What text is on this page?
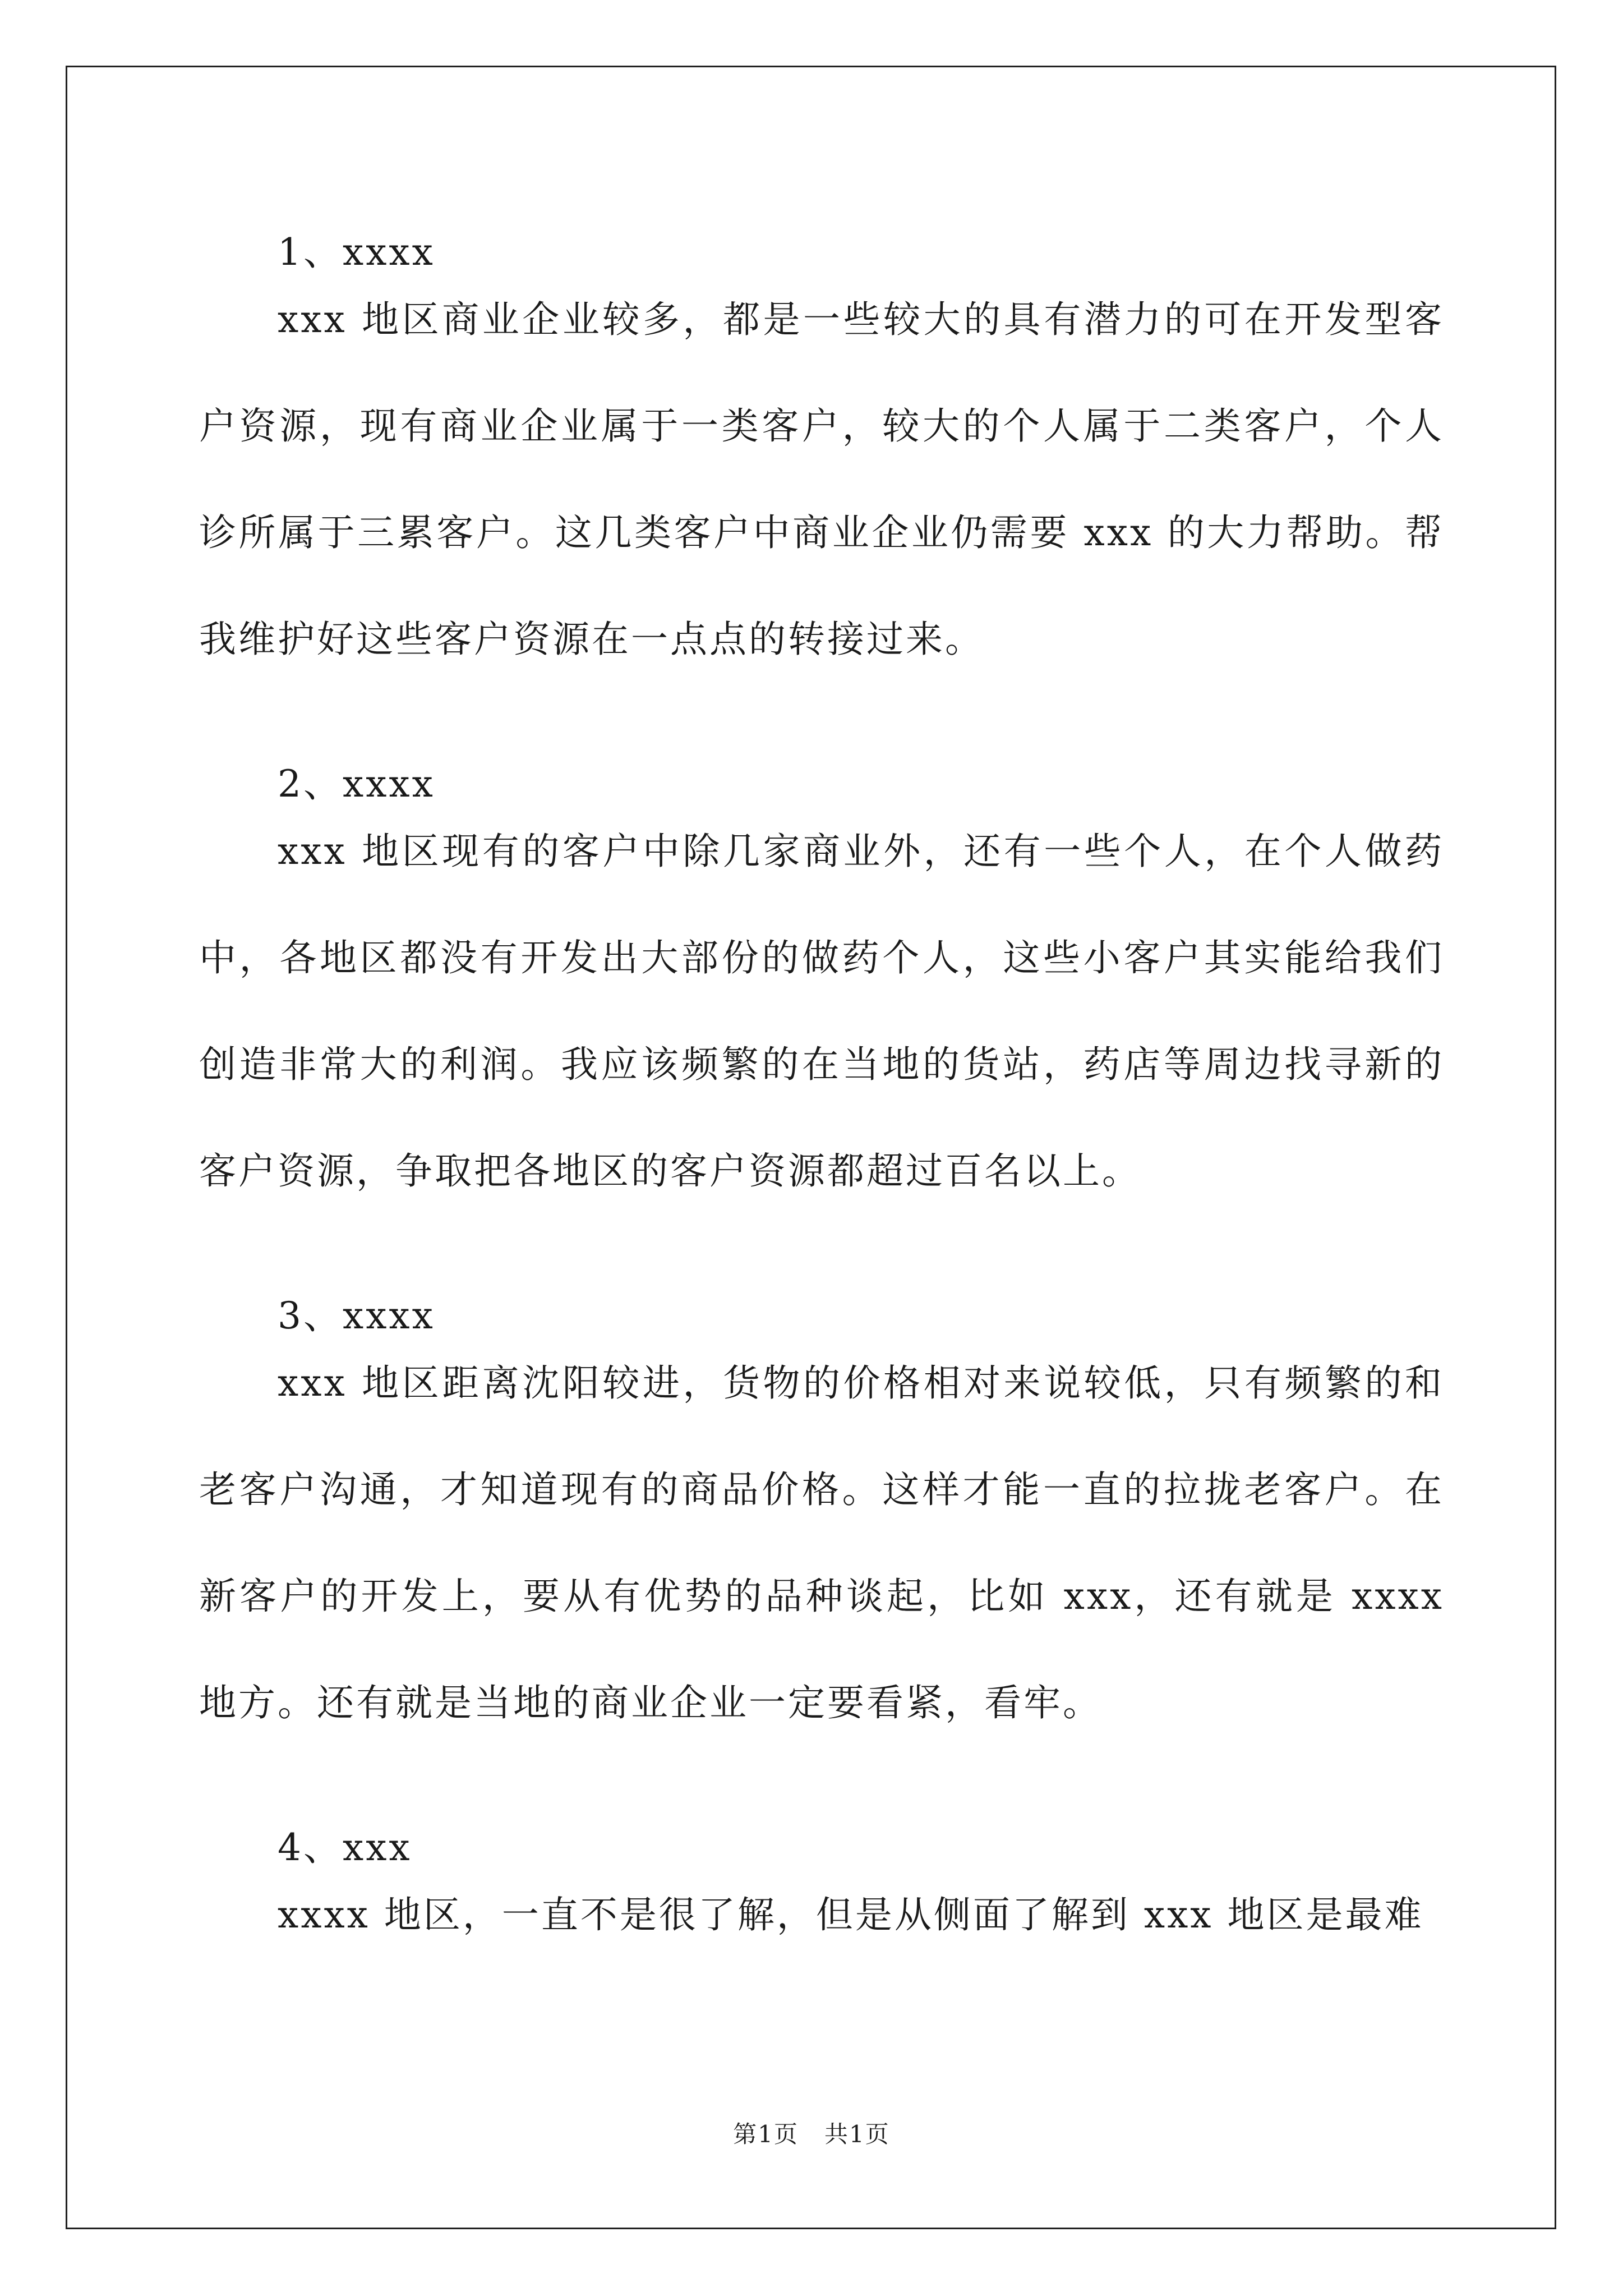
1、xxxx
xxx 地区商业企业较多，都是一些较大的具有潜力的可在开发型客户资源，现有商业企业属于一类客户，较大的个人属于二类客户，个人诊所属于三累客户。这几类客户中商业企业仍需要 xxx 的大力帮助。帮我维护好这些客户资源在一点点的转接过来。
2、xxxx
xxx 地区现有的客户中除几家商业外，还有一些个人，在个人做药中，各地区都没有开发出大部份的做药个人，这些小客户其实能给我们创造非常大的利润。我应该频繁的在当地的货站，药店等周边找寻新的客户资源，争取把各地区的客户资源都超过百名以上。
3、xxxx
xxx 地区距离沈阳较进，货物的价格相对来说较低，只有频繁的和老客户沟通，才知道现有的商品价格。这样才能一直的拉拢老客户。在新客户的开发上，要从有优势的品种谈起，比如 xxx，还有就是 xxxx 地方。还有就是当地的商业企业一定要看紧，看牢。
4、xxx
xxxx 地区，一直不是很了解，但是从侧面了解到 xxx 地区是最难
第1页   共1页
